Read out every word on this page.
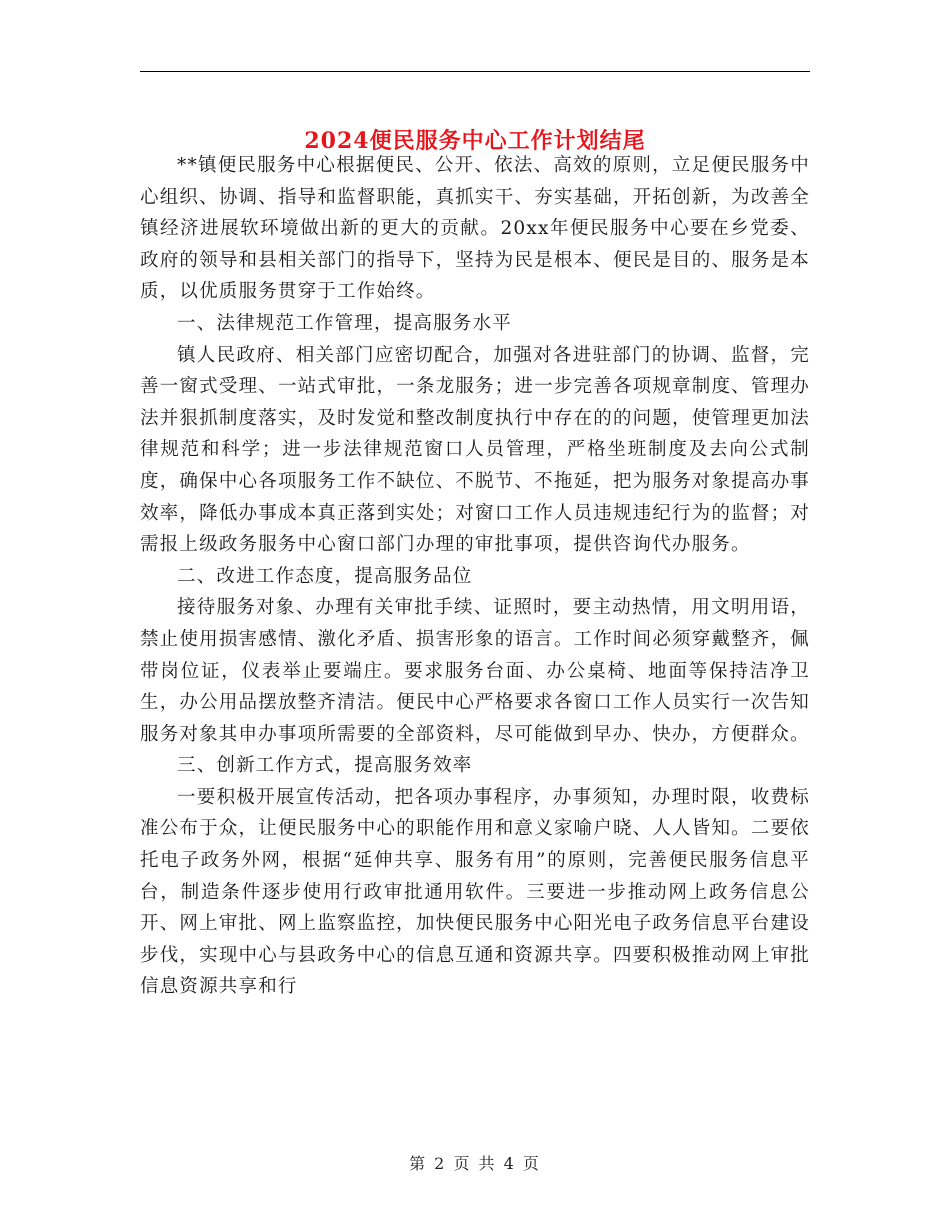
2024便民服务中心工作计划结尾

**镇便民服务中心根据便民、公开、依法、高效的原则，立足便民服务中心组织、协调、指导和监督职能，真抓实干、夯实基础，开拓创新，为改善全镇经济进展软环境做出新的更大的贡献。20xx年便民服务中心要在乡党委、政府的领导和县相关部门的指导下，坚持为民是根本、便民是目的、服务是本质，以优质服务贯穿于工作始终。

一、法律规范工作管理，提高服务水平

镇人民政府、相关部门应密切配合，加强对各进驻部门的协调、监督，完善一窗式受理、一站式审批，一条龙服务；进一步完善各项规章制度、管理办法并狠抓制度落实，及时发觉和整改制度执行中存在的的问题，使管理更加法律规范和科学；进一步法律规范窗口人员管理，严格坐班制度及去向公式制度，确保中心各项服务工作不缺位、不脱节、不拖延，把为服务对象提高办事效率，降低办事成本真正落到实处；对窗口工作人员违规违纪行为的监督；对需报上级政务服务中心窗口部门办理的审批事项，提供咨询代办服务。

二、改进工作态度，提高服务品位

接待服务对象、办理有关审批手续、证照时，要主动热情，用文明用语，禁止使用损害感情、激化矛盾、损害形象的语言。工作时间必须穿戴整齐，佩带岗位证，仪表举止要端庄。要求服务台面、办公桌椅、地面等保持洁净卫生，办公用品摆放整齐清洁。便民中心严格要求各窗口工作人员实行一次告知服务对象其申办事项所需要的全部资料，尽可能做到早办、快办，方便群众。

三、创新工作方式，提高服务效率

一要积极开展宣传活动，把各项办事程序，办事须知，办理时限，收费标准公布于众，让便民服务中心的职能作用和意义家喻户晓、人人皆知。二要依托电子政务外网，根据“延伸共享、服务有用”的原则，完善便民服务信息平台，制造条件逐步使用行政审批通用软件。三要进一步推动网上政务信息公开、网上审批、网上监察监控，加快便民服务中心阳光电子政务信息平台建设步伐，实现中心与县政务中心的信息互通和资源共享。四要积极推动网上审批信息资源共享和行

第 2 页 共 4 页
